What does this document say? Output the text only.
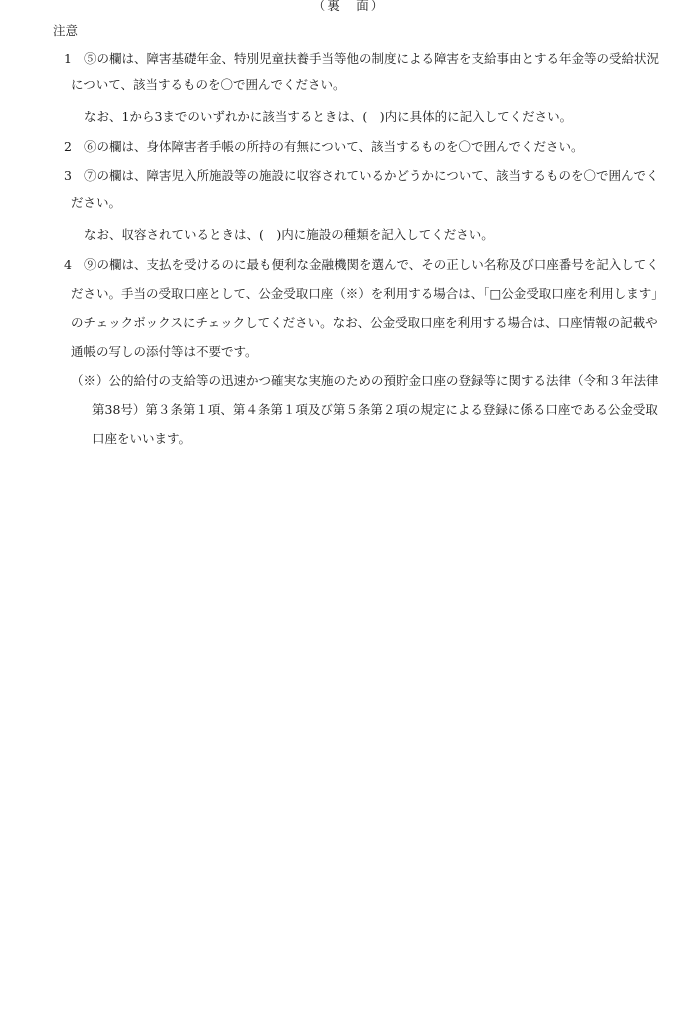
（裏　面）
注意
1 ⑤の欄は、障害基礎年金、特別児童扶養手当等他の制度による障害を支給事由とする年金等の受給状況
について、該当するものを〇で囲んでください。
なお、1から3までのいずれかに該当するときは、(　)内に具体的に記入してください。
2 ⑥の欄は、身体障害者手帳の所持の有無について、該当するものを〇で囲んでください。
3 ⑦の欄は、障害児入所施設等の施設に収容されているかどうかについて、該当するものを〇で囲んでく
ださい。
なお、収容されているときは、(　)内に施設の種類を記入してください。
4 ⑨の欄は、支払を受けるのに最も便利な金融機関を選んで、その正しい名称及び口座番号を記入してく
ださい。手当の受取口座として、公金受取口座（※）を利用する場合は、「□公金受取口座を利用します」
のチェックボックスにチェックしてください。なお、公金受取口座を利用する場合は、口座情報の記載や
通帳の写しの添付等は不要です。
（※）公的給付の支給等の迅速かつ確実な実施のための預貯金口座の登録等に関する法律（令和３年法律
第38号）第３条第１項、第４条第１項及び第５条第２項の規定による登録に係る口座である公金受取
口座をいいます。
